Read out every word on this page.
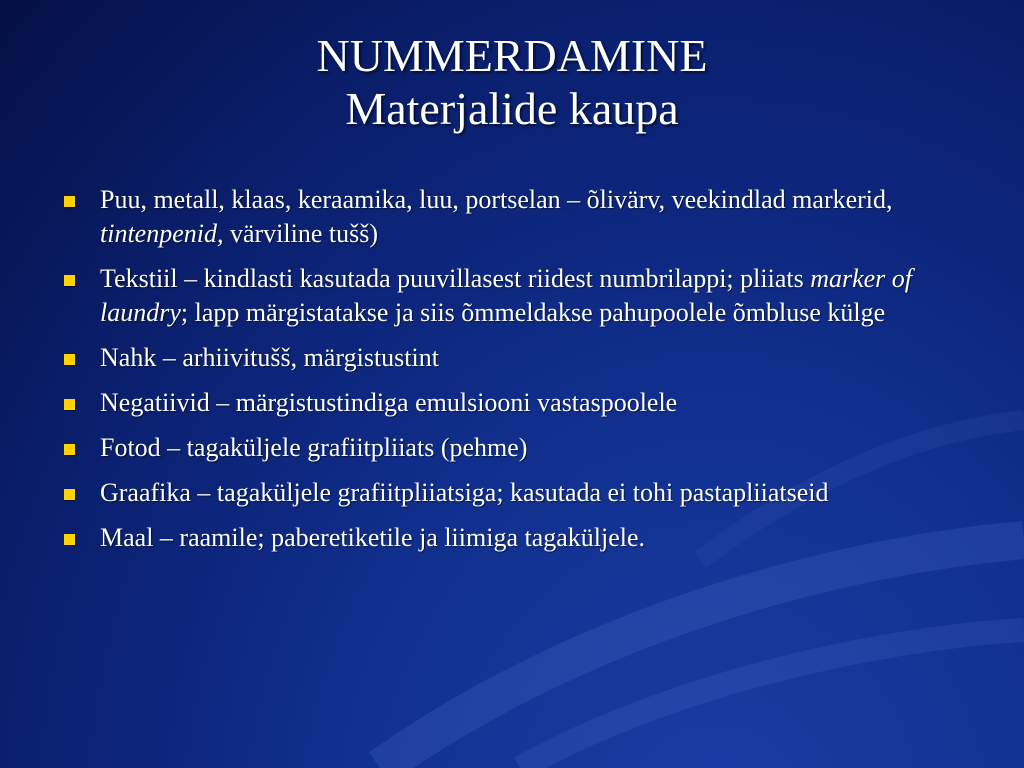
NUMMERDAMINE
Materjalide kaupa
Puu, metall, klaas, keraamika, luu, portselan – õlivärv, veekindlad markerid, tintenpenid, värviline tušš)
Tekstiil – kindlasti kasutada puuvillasest riidest numbrilappi; pliiats marker of laundry; lapp märgistatakse ja siis õmmeldakse pahupoolele õmbluse külge
Nahk – arhiivitušš, märgistustint
Negatiivid – märgistustindiga emulsiooni vastaspoolele
Fotod – tagaküljele grafiitpliiats (pehme)
Graafika – tagaküljele grafiitpliiatsiga; kasutada ei tohi pastapliiatseid
Maal – raamile; paberetiketile ja liimiga tagaküljele.
